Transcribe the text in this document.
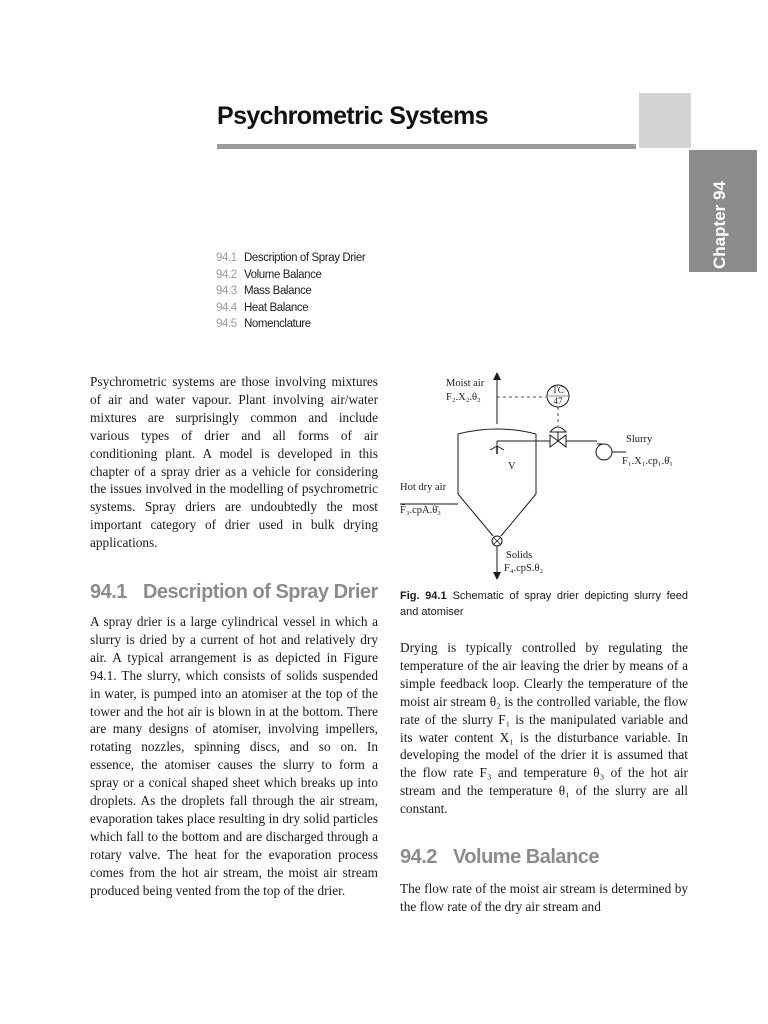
Psychrometric Systems
Chapter 94
94.1 Description of Spray Drier
94.2 Volume Balance
94.3 Mass Balance
94.4 Heat Balance
94.5 Nomenclature

Psychrometric systems are those involving mixtures of air and water vapour. Plant involving air/water mixtures are surprisingly common and include various types of drier and all forms of air conditioning plant. A model is developed in this chapter of a spray drier as a vehicle for considering the issues involved in the modelling of psychrometric systems. Spray driers are undoubtedly the most important category of drier used in bulk drying applications.

94.1 Description of Spray Drier

A spray drier is a large cylindrical vessel in which a slurry is dried by a current of hot and relatively dry air. A typical arrangement is as depicted in Figure 94.1. The slurry, which consists of solids suspended in water, is pumped into an atomiser at the top of the tower and the hot air is blown in at the bottom. There are many designs of atomiser, involving impellers, rotating nozzles, spinning discs, and so on. In essence, the atomiser causes the slurry to form a spray or a conical shaped sheet which breaks up into droplets. As the droplets fall through the air stream, evaporation takes place resulting in dry solid particles which fall to the bottom and are discharged through a rotary valve. The heat for the evaporation process comes from the hot air stream, the moist air stream produced being vented from the top of the drier.

Moist air
F₂.X₂.θ₂
TC
47
Slurry
F₁.X₁.cp₁.θ̄₁
V
Hot dry air
F̄₃.cpA.θ̄₃
Solids
F₄.cpS.θ₂
Fig. 94.1 Schematic of spray drier depicting slurry feed and atomiser

Drying is typically controlled by regulating the temperature of the air leaving the drier by means of a simple feedback loop. Clearly the temperature of the moist air stream θ₂ is the controlled variable, the flow rate of the slurry F₁ is the manipulated variable and its water content X₁ is the disturbance variable. In developing the model of the drier it is assumed that the flow rate F₃ and temperature θ₃ of the hot air stream and the temperature θ₁ of the slurry are all constant.

94.2 Volume Balance

The flow rate of the moist air stream is determined by the flow rate of the dry air stream and
